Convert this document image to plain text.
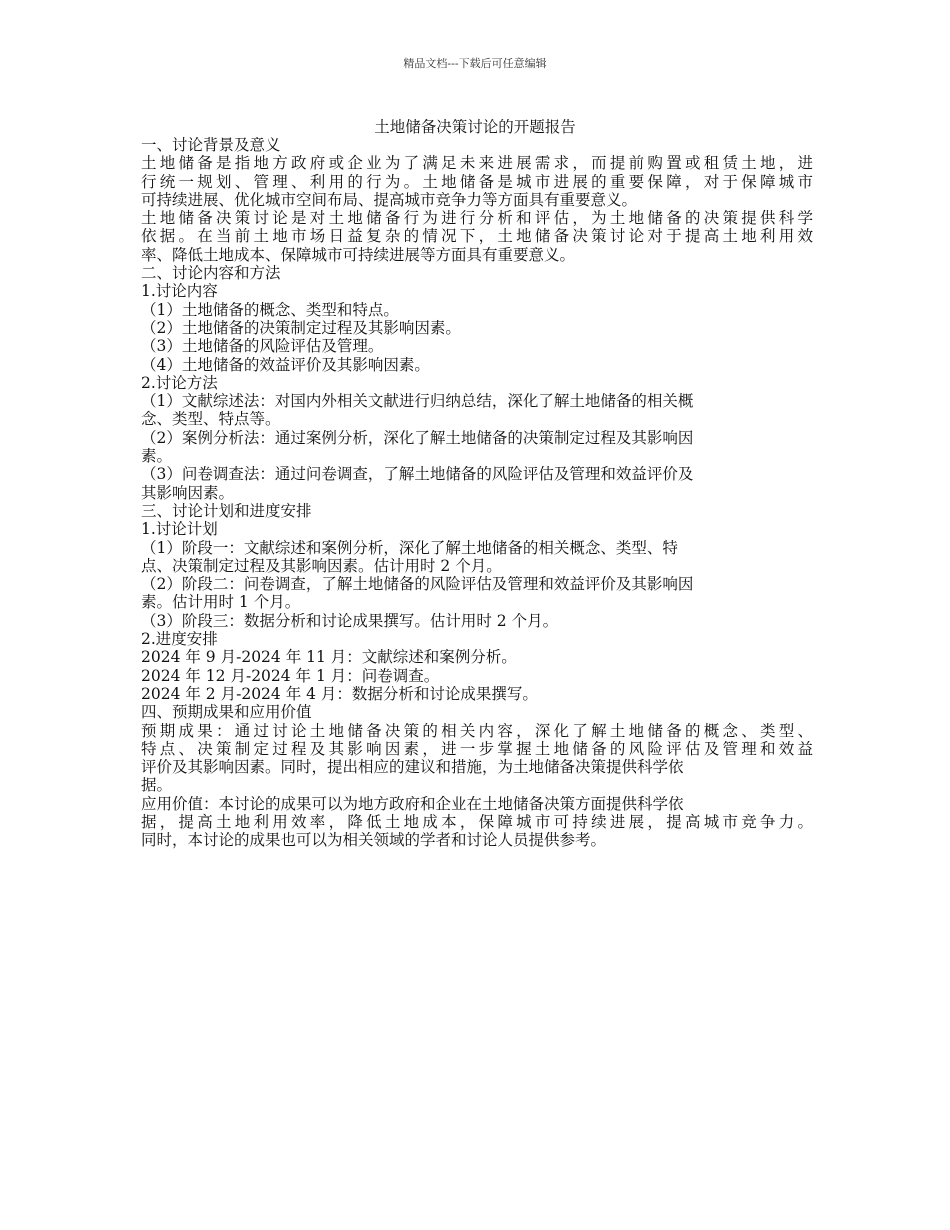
精品文档---下载后可任意编辑
土地储备决策讨论的开题报告
一、讨论背景及意义
土地储备是指地方政府或企业为了满足未来进展需求，而提前购置或租赁土地，进
行统一规划、管理、利用的行为。土地储备是城市进展的重要保障，对于保障城市
可持续进展、优化城市空间布局、提高城市竞争力等方面具有重要意义。
土地储备决策讨论是对土地储备行为进行分析和评估，为土地储备的决策提供科学
依据。在当前土地市场日益复杂的情况下，土地储备决策讨论对于提高土地利用效
率、降低土地成本、保障城市可持续进展等方面具有重要意义。
二、讨论内容和方法
1.讨论内容
（1）土地储备的概念、类型和特点。
（2）土地储备的决策制定过程及其影响因素。
（3）土地储备的风险评估及管理。
（4）土地储备的效益评价及其影响因素。
2.讨论方法
（1）文献综述法：对国内外相关文献进行归纳总结，深化了解土地储备的相关概
念、类型、特点等。
（2）案例分析法：通过案例分析，深化了解土地储备的决策制定过程及其影响因
素。
（3）问卷调查法：通过问卷调查，了解土地储备的风险评估及管理和效益评价及
其影响因素。
三、讨论计划和进度安排
1.讨论计划
（1）阶段一：文献综述和案例分析，深化了解土地储备的相关概念、类型、特
点、决策制定过程及其影响因素。估计用时 2 个月。
（2）阶段二：问卷调查，了解土地储备的风险评估及管理和效益评价及其影响因
素。估计用时 1 个月。
（3）阶段三：数据分析和讨论成果撰写。估计用时 2 个月。
2.进度安排
2024 年 9 月-2024 年 11 月：文献综述和案例分析。
2024 年 12 月-2024 年 1 月：问卷调查。
2024 年 2 月-2024 年 4 月：数据分析和讨论成果撰写。
四、预期成果和应用价值
预期成果：通过讨论土地储备决策的相关内容，深化了解土地储备的概念、类型、
特点、决策制定过程及其影响因素，进一步掌握土地储备的风险评估及管理和效益
评价及其影响因素。同时，提出相应的建议和措施，为土地储备决策提供科学依
据。
应用价值：本讨论的成果可以为地方政府和企业在土地储备决策方面提供科学依
据，提高土地利用效率，降低土地成本，保障城市可持续进展，提高城市竞争力。
同时，本讨论的成果也可以为相关领域的学者和讨论人员提供参考。
